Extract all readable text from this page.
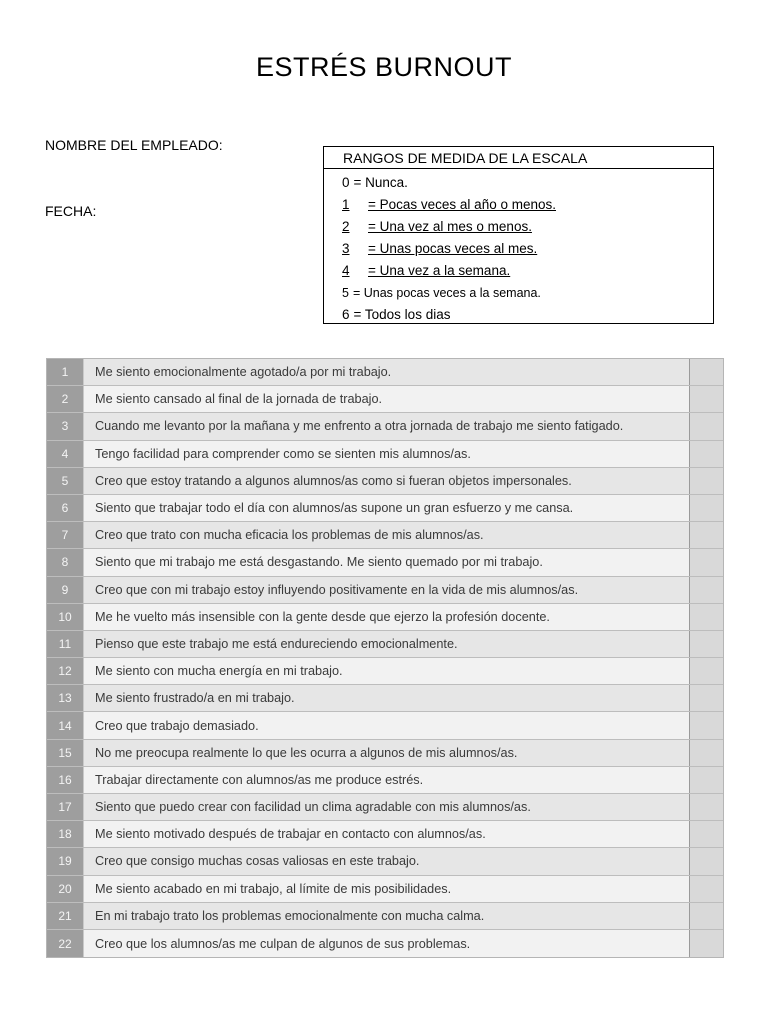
ESTRÉS BURNOUT
NOMBRE DEL EMPLEADO:
FECHA:
RANGOS DE MEDIDA DE LA ESCALA
0 = Nunca.
1 = Pocas veces al año o menos.
2 = Una vez al mes o menos.
3 = Unas pocas veces al mes.
4 = Una vez a la semana.
5 = Unas pocas veces a la semana.
6 = Todos los dias
1	Me siento emocionalmente agotado/a por mi trabajo.
2	Me siento cansado al final de la jornada de trabajo.
3	Cuando me levanto por la mañana y me enfrento a otra jornada de trabajo me siento fatigado.
4	Tengo facilidad para comprender como se sienten mis alumnos/as.
5	Creo que estoy tratando a algunos alumnos/as como si fueran objetos impersonales.
6	Siento que trabajar todo el día con alumnos/as supone un gran esfuerzo y me cansa.
7	Creo que trato con mucha eficacia los problemas de mis alumnos/as.
8	Siento que mi trabajo me está desgastando. Me siento quemado por mi trabajo.
9	Creo que con mi trabajo estoy influyendo positivamente en la vida de mis alumnos/as.
10	Me he vuelto más insensible con la gente desde que ejerzo la profesión docente.
11	Pienso que este trabajo me está endureciendo emocionalmente.
12	Me siento con mucha energía en mi trabajo.
13	Me siento frustrado/a en mi trabajo.
14	Creo que trabajo demasiado.
15	No me preocupa realmente lo que les ocurra a algunos de mis alumnos/as.
16	Trabajar directamente con alumnos/as me produce estrés.
17	Siento que puedo crear con facilidad un clima agradable con mis alumnos/as.
18	Me siento motivado después de trabajar en contacto con alumnos/as.
19	Creo que consigo muchas cosas valiosas en este trabajo.
20	Me siento acabado en mi trabajo, al límite de mis posibilidades.
21	En mi trabajo trato los problemas emocionalmente con mucha calma.
22	Creo que los alumnos/as me culpan de algunos de sus problemas.
